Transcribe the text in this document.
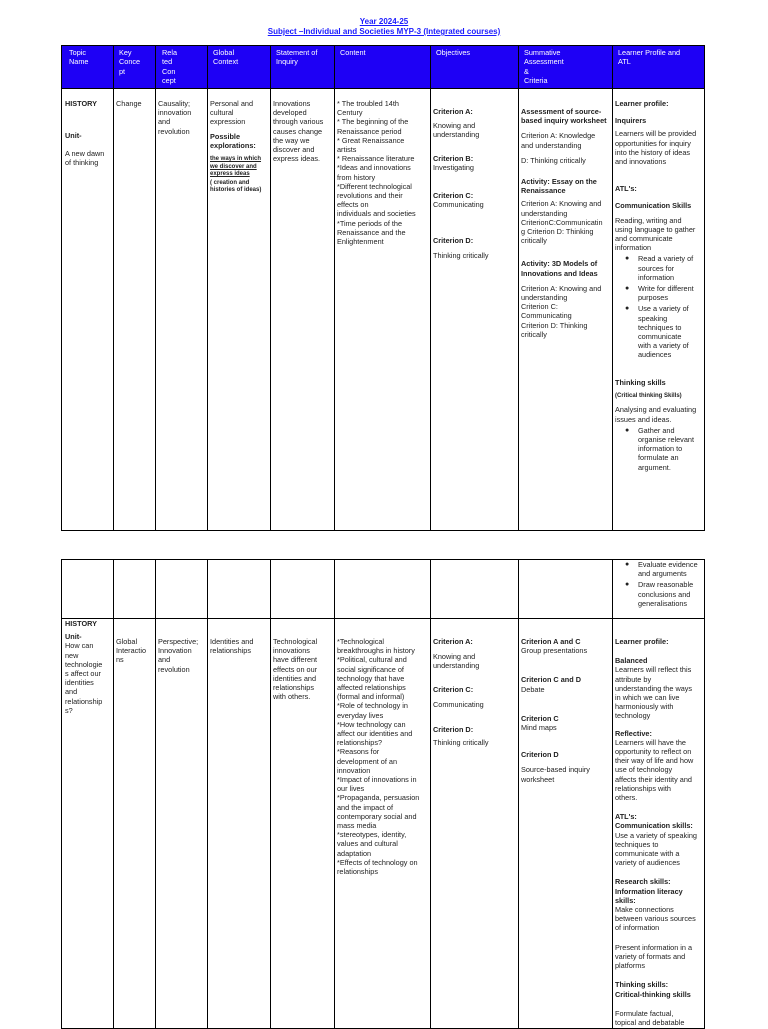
Year 2024-25
Subject –Individual and Societies MYP-3 (Integrated courses)
Topic
Name
Key
Conce
pt
Rela
ted
Con
cept
Global
Context
Statement of
Inquiry
Content	Objectives	Summative
Assessment
&
Criteria
Learner Profile and
ATL

HISTORY

Unit-

A new dawn
of thinking

Change Causality;
innovation
and
revolution
Personal and
cultural
expression
Possible
explorations:
the ways in which
we discover and
express ideas
( creation and
histories of ideas)
Innovations
developed
through various
causes change
the way we
discover and
express ideas.
* The troubled 14th
Century
* The beginning of the
Renaissance period
* Great Renaissance
artists
* Renaissance literature
*Ideas and innovations
from history
*Different technological
revolutions and their
effects on
individuals and societies
*Time periods of the
Renaissance and the
Enlightenment
Criterion A:
Knowing and
understanding
Criterion B:
Investigating
Criterion C:
Communicating
Criterion D:
Thinking critically
Assessment of source-
based inquiry worksheet
Criterion A: Knowledge
and understanding
D: Thinking critically
Activity: Essay on the
Renaissance
Criterion A: Knowing and
understanding
CriterionC:Communicatin
g Criterion D: Thinking
critically
Activity: 3D Models of
Innovations and Ideas
Criterion A: Knowing and
understanding
Criterion C:
Communicating
Criterion D: Thinking
critically
Learner profile:
Inquirers
Learners will be provided
opportunities for inquiry
into the history of ideas
and innovations
ATL's:
Communication Skills
Reading, writing and
using language to gather
and communicate
information
● Read a variety of
sources for
information
● Write for different
purposes
● Use a variety of
speaking
techniques to
communicate
with a variety of
audiences
Thinking skills
(Critical thinking Skills)
Analysing and evaluating
issues and ideas.
● Gather and
organise relevant
information to
formulate an
argument.
● Evaluate evidence
and arguments
● Draw reasonable
conclusions and
generalisations
HISTORY
Unit-
How can
new
technologie
s affect our
identities
and
relationship
s?
Global
Interactio
ns
Perspective;
Innovation
and
revolution
Identities and
relationships
Technological
innovations
have different
effects on our
identities and
relationships
with others.
*Technological
breakthroughs in history
*Political, cultural and
social significance of
technology that have
affected relationships
(formal and informal)
*Role of technology in
everyday lives
*How technology can
affect our identities and
relationships?
*Reasons for
development of an
innovation
*Impact of innovations in
our lives
*Propaganda, persuasion
and the impact of
contemporary social and
mass media
*stereotypes, identity,
values and cultural
adaptation
*Effects of technology on
relationships
Criterion A:
Knowing and
understanding
Criterion C:
Communicating
Criterion D:
Thinking critically
Criterion A and C
Group presentations
Criterion C and D
Debate
Criterion C
Mind maps
Criterion D
Source-based inquiry
worksheet
Learner profile:
Balanced
Learners will reflect this
attribute by
understanding the ways
in which we can live
harmoniously with
technology
Reflective:
Learners will have the
opportunity to reflect on
their way of life and how
use of technology
affects their identity and
relationships with
others.
ATL's:
Communication skills:
Use a variety of speaking
techniques to
communicate with a
variety of audiences
Research skills:
Information literacy
skills:
Make connections
between various sources
of information
Present information in a
variety of formats and
platforms
Thinking skills:
Critical-thinking skills
Formulate factual,
topical and debatable
